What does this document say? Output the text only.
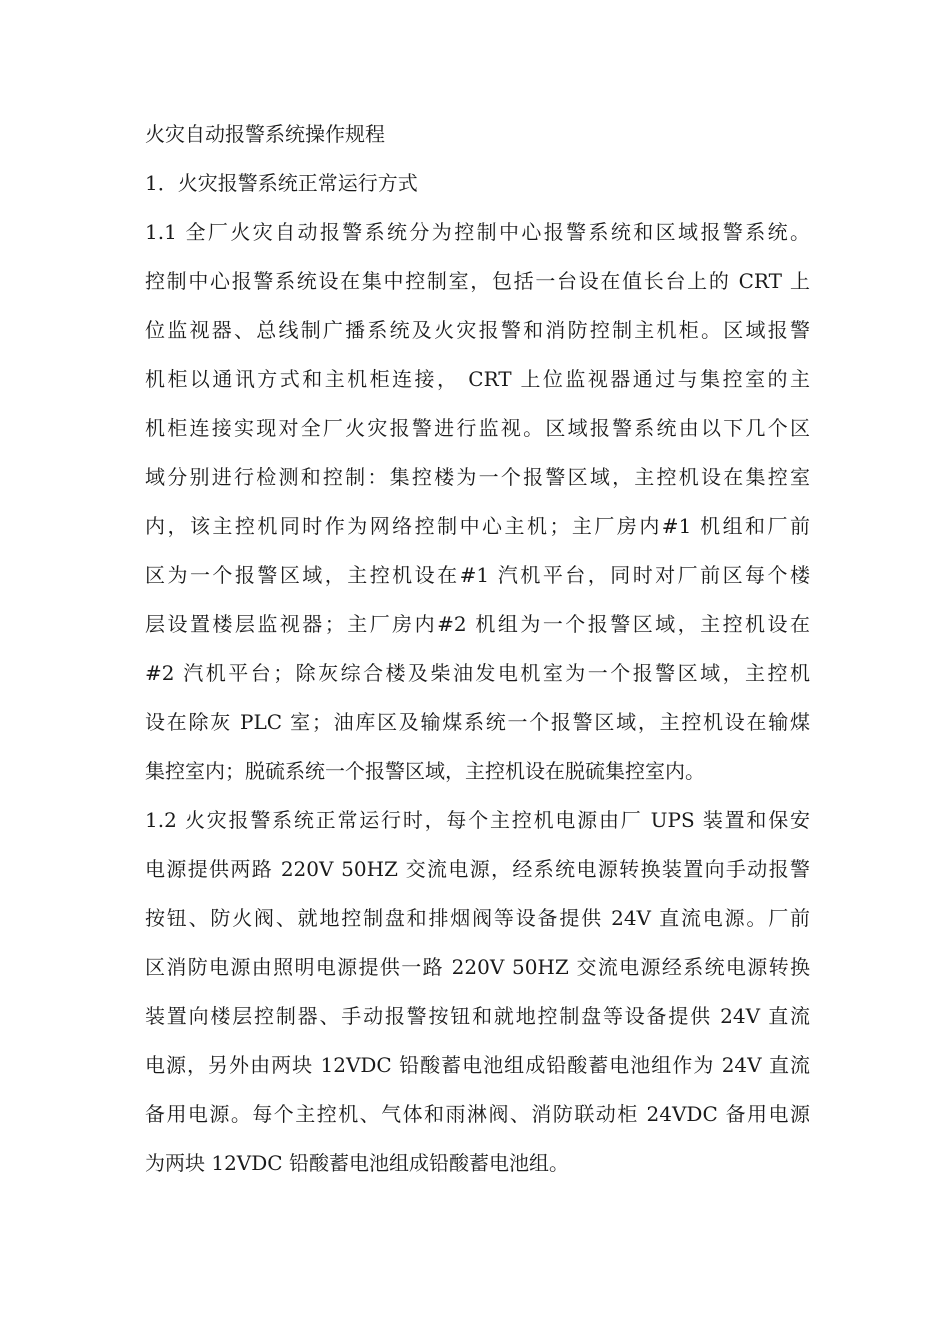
火灾自动报警系统操作规程
1．火灾报警系统正常运行方式
1.1 全厂火灾自动报警系统分为控制中心报警系统和区域报警系统。
控制中心报警系统设在集中控制室，包括一台设在值长台上的 CRT 上
位监视器、总线制广播系统及火灾报警和消防控制主机柜。区域报警
机柜以通讯方式和主机柜连接， CRT 上位监视器通过与集控室的主
机柜连接实现对全厂火灾报警进行监视。区域报警系统由以下几个区
域分别进行检测和控制：集控楼为一个报警区域，主控机设在集控室
内，该主控机同时作为网络控制中心主机；主厂房内#1 机组和厂前
区为一个报警区域，主控机设在#1 汽机平台，同时对厂前区每个楼
层设置楼层监视器；主厂房内#2 机组为一个报警区域，主控机设在
#2 汽机平台；除灰综合楼及柴油发电机室为一个报警区域，主控机
设在除灰 PLC 室；油库区及输煤系统一个报警区域，主控机设在输煤
集控室内；脱硫系统一个报警区域，主控机设在脱硫集控室内。
1.2 火灾报警系统正常运行时，每个主控机电源由厂 UPS 装置和保安
电源提供两路 220V 50HZ 交流电源，经系统电源转换装置向手动报警
按钮、防火阀、就地控制盘和排烟阀等设备提供 24V 直流电源。厂前
区消防电源由照明电源提供一路 220V 50HZ 交流电源经系统电源转换
装置向楼层控制器、手动报警按钮和就地控制盘等设备提供 24V 直流
电源，另外由两块 12VDC 铅酸蓄电池组成铅酸蓄电池组作为 24V 直流
备用电源。每个主控机、气体和雨淋阀、消防联动柜 24VDC 备用电源
为两块 12VDC 铅酸蓄电池组成铅酸蓄电池组。
